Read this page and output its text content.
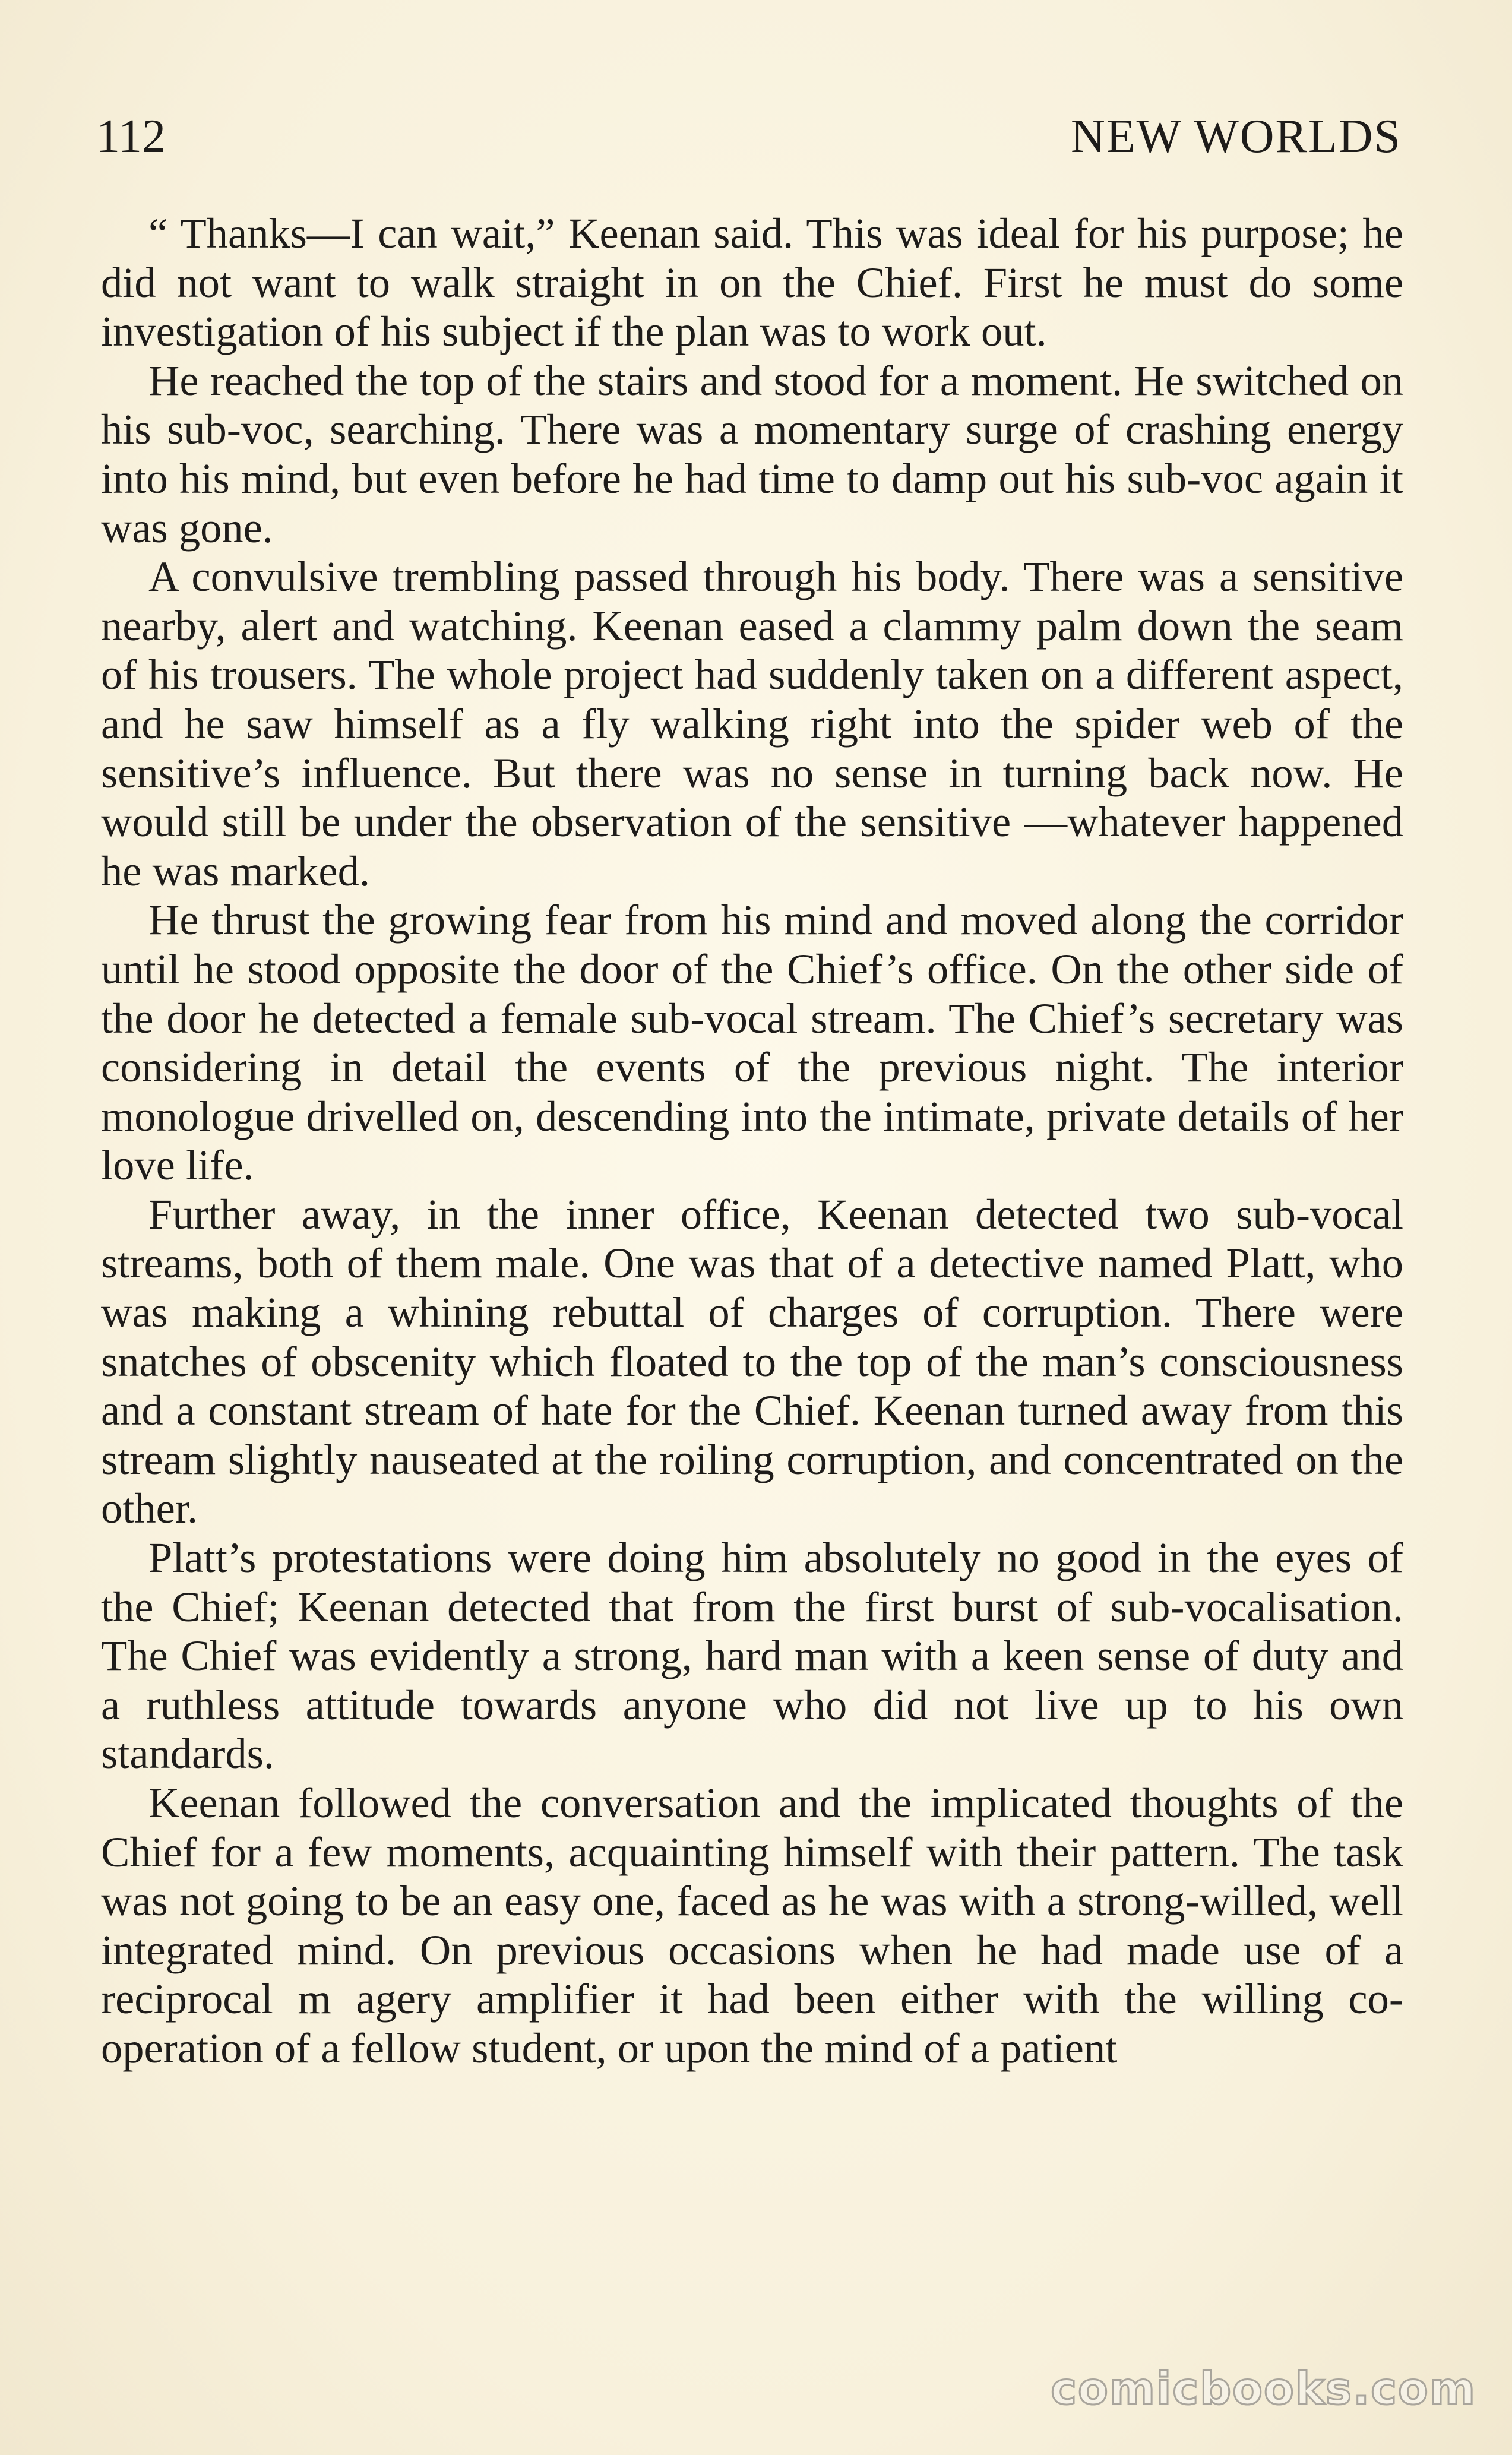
112	NEW WORLDS

“ Thanks—I can wait,” Keenan said. This was ideal for his purpose; he did not want to walk straight in on the Chief. First he must do some investigation of his subject if the plan was to work out.

He reached the top of the stairs and stood for a moment. He switched on his sub-voc, searching. There was a momentary surge of crashing energy into his mind, but even before he had time to damp out his sub-voc again it was gone.

A convulsive trembling passed through his body. There was a sensitive nearby, alert and watching. Keenan eased a clammy palm down the seam of his trousers. The whole project had suddenly taken on a different aspect, and he saw himself as a fly walking right into the spider web of the sensitive’s influence. But there was no sense in turning back now. He would still be under the observation of the sensitive —whatever happened he was marked.

He thrust the growing fear from his mind and moved along the corridor until he stood opposite the door of the Chief’s office. On the other side of the door he detected a female sub-vocal stream. The Chief’s secretary was considering in detail the events of the previous night. The interior monologue drivelled on, descending into the intimate, private details of her love life.

Further away, in the inner office, Keenan detected two sub-vocal streams, both of them male. One was that of a detective named Platt, who was making a whining rebuttal of charges of corruption. There were snatches of obscenity which floated to the top of the man’s consciousness and a constant stream of hate for the Chief. Keenan turned away from this stream slightly nauseated at the roiling corruption, and concentrated on the other.

Platt’s protestations were doing him absolutely no good in the eyes of the Chief; Keenan detected that from the first burst of sub-vocalisation. The Chief was evidently a strong, hard man with a keen sense of duty and a ruthless attitude towards anyone who did not live up to his own standards.

Keenan followed the conversation and the implicated thoughts of the Chief for a few moments, acquainting himself with their pattern. The task was not going to be an easy one, faced as he was with a strong-willed, well integrated mind. On previous occasions when he had made use of a reciprocal m agery amplifier it had been either with the willing co-operation of a fellow student, or upon the mind of a patient

comicbooks.com
